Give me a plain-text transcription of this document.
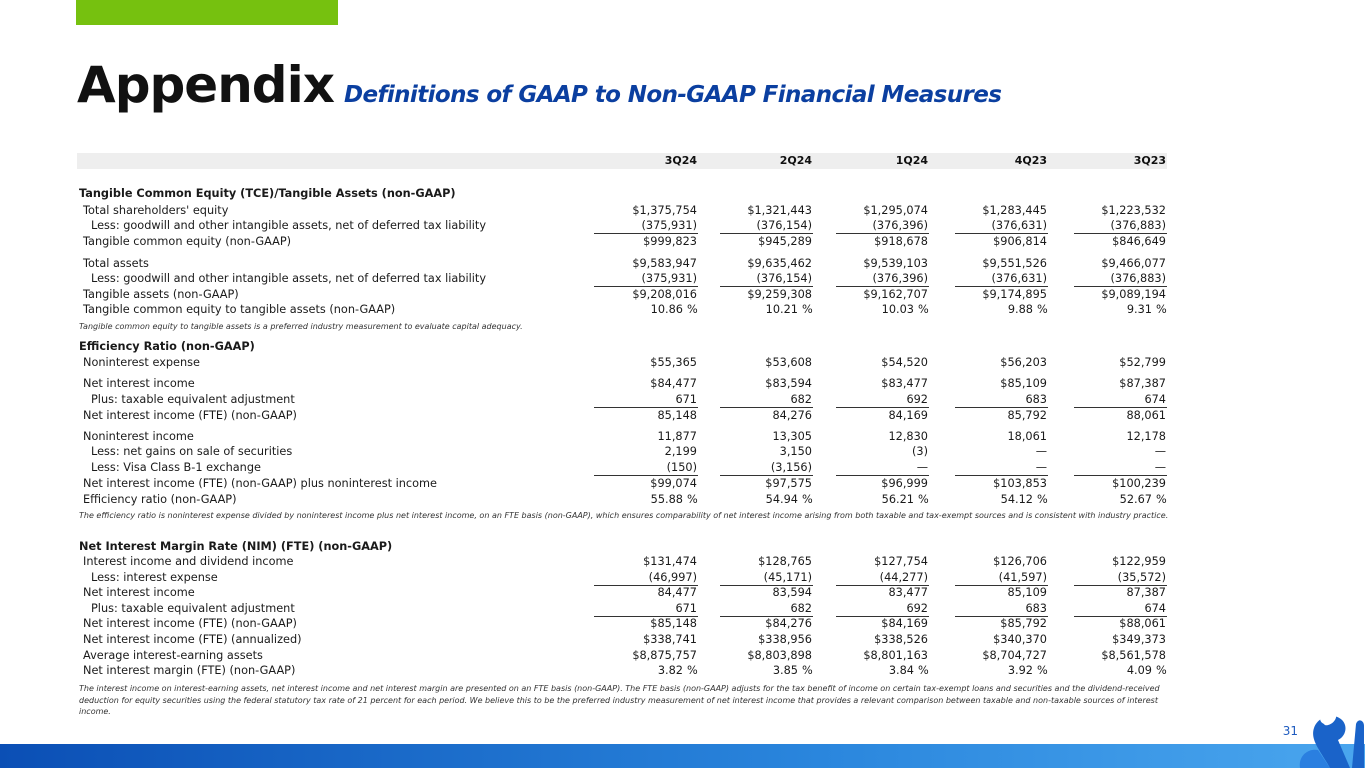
Appendix Definitions of GAAP to Non-GAAP Financial Measures
3Q24	2Q24	1Q24	4Q23	3Q23
Tangible Common Equity (TCE)/Tangible Assets (non-GAAP)
Total shareholders' equity	$1,375,754	$1,321,443	$1,295,074	$1,283,445	$1,223,532
Less: goodwill and other intangible assets, net of deferred tax liability	(375,931)	(376,154)	(376,396)	(376,631)	(376,883)
Tangible common equity (non-GAAP)	$999,823	$945,289	$918,678	$906,814	$846,649
Total assets	$9,583,947	$9,635,462	$9,539,103	$9,551,526	$9,466,077
Less: goodwill and other intangible assets, net of deferred tax liability	(375,931)	(376,154)	(376,396)	(376,631)	(376,883)
Tangible assets (non-GAAP)	$9,208,016	$9,259,308	$9,162,707	$9,174,895	$9,089,194
Tangible common equity to tangible assets (non-GAAP)	10.86 %	10.21 %	10.03 %	9.88 %	9.31 %
Tangible common equity to tangible assets is a preferred industry measurement to evaluate capital adequacy.
Efficiency Ratio (non-GAAP)
Noninterest expense	$55,365	$53,608	$54,520	$56,203	$52,799
Net interest income	$84,477	$83,594	$83,477	$85,109	$87,387
Plus: taxable equivalent adjustment	671	682	692	683	674
Net interest income (FTE) (non-GAAP)	85,148	84,276	84,169	85,792	88,061
Noninterest income	11,877	13,305	12,830	18,061	12,178
Less: net gains on sale of securities	2,199	3,150	(3)	—	—
Less: Visa Class B-1 exchange	(150)	(3,156)	—	—	—
Net interest income (FTE) (non-GAAP) plus noninterest income	$99,074	$97,575	$96,999	$103,853	$100,239
Efficiency ratio (non-GAAP)	55.88 %	54.94 %	56.21 %	54.12 %	52.67 %
The efficiency ratio is noninterest expense divided by noninterest income plus net interest income, on an FTE basis (non-GAAP), which ensures comparability of net interest income arising from both taxable and tax-exempt sources and is consistent with industry practice.
Net Interest Margin Rate (NIM) (FTE) (non-GAAP)
Interest income and dividend income	$131,474	$128,765	$127,754	$126,706	$122,959
Less: interest expense	(46,997)	(45,171)	(44,277)	(41,597)	(35,572)
Net interest income	84,477	83,594	83,477	85,109	87,387
Plus: taxable equivalent adjustment	671	682	692	683	674
Net interest income (FTE) (non-GAAP)	$85,148	$84,276	$84,169	$85,792	$88,061
Net interest income (FTE) (annualized)	$338,741	$338,956	$338,526	$340,370	$349,373
Average interest-earning assets	$8,875,757	$8,803,898	$8,801,163	$8,704,727	$8,561,578
Net interest margin (FTE) (non-GAAP)	3.82 %	3.85 %	3.84 %	3.92 %	4.09 %
The interest income on interest-earning assets, net interest income and net interest margin are presented on an FTE basis (non-GAAP). The FTE basis (non-GAAP) adjusts for the tax benefit of income on certain tax-exempt loans and securities and the dividend-received deduction for equity securities using the federal statutory tax rate of 21 percent for each period. We believe this to be the preferred industry measurement of net interest income that provides a relevant comparison between taxable and non-taxable sources of interest income.
31
